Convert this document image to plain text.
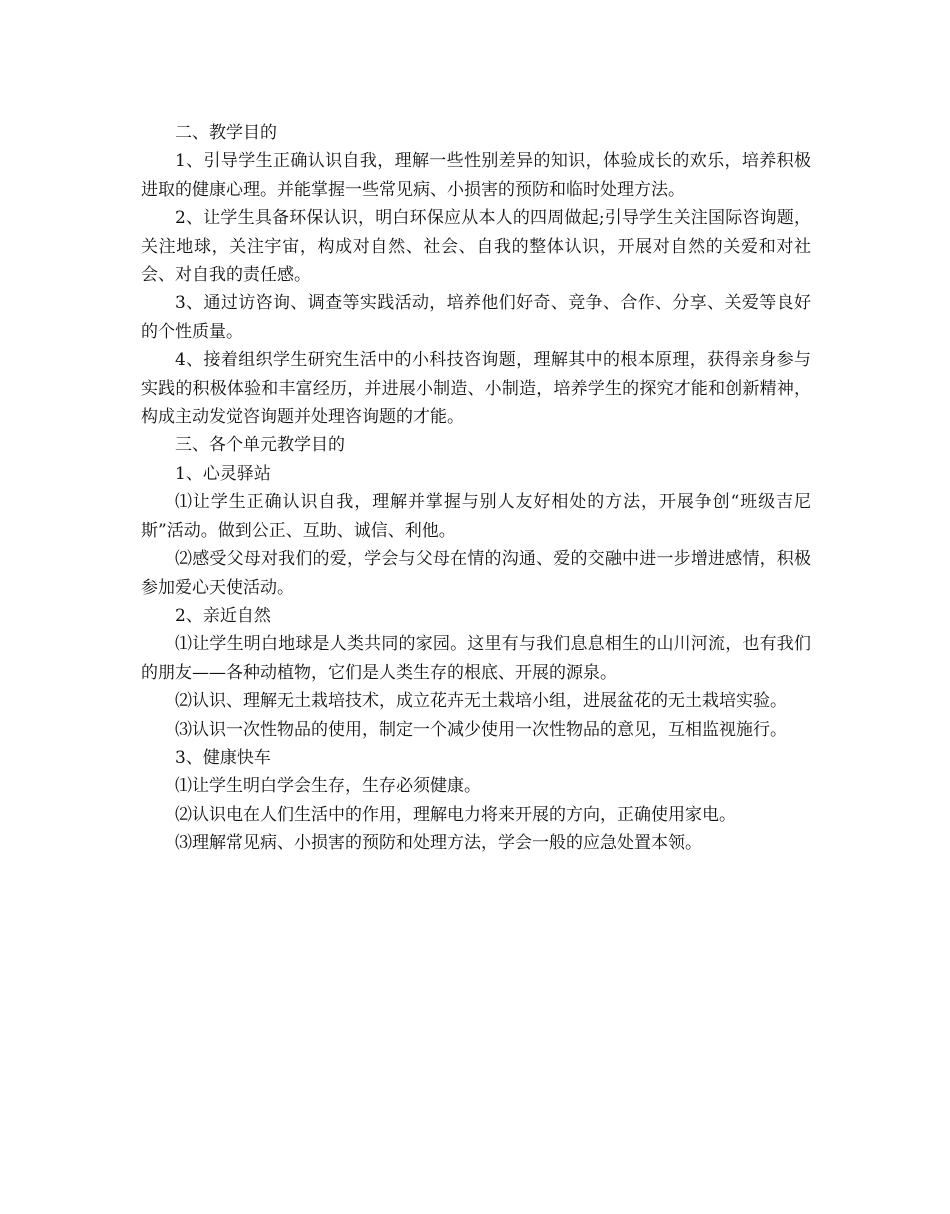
二、教学目的

1、引导学生正确认识自我，理解一些性别差异的知识，体验成长的欢乐，培养积极进取的健康心理。并能掌握一些常见病、小损害的预防和临时处理方法。

2、让学生具备环保认识，明白环保应从本人的四周做起;引导学生关注国际咨询题，关注地球，关注宇宙，构成对自然、社会、自我的整体认识，开展对自然的关爱和对社会、对自我的责任感。

3、通过访咨询、调查等实践活动，培养他们好奇、竞争、合作、分享、关爱等良好的个性质量。

4、接着组织学生研究生活中的小科技咨询题，理解其中的根本原理，获得亲身参与实践的积极体验和丰富经历，并进展小制造、小制造，培养学生的探究才能和创新精神，构成主动发觉咨询题并处理咨询题的才能。

三、各个单元教学目的

1、心灵驿站

⑴让学生正确认识自我，理解并掌握与别人友好相处的方法，开展争创“班级吉尼斯”活动。做到公正、互助、诚信、利他。

⑵感受父母对我们的爱，学会与父母在情的沟通、爱的交融中进一步增进感情，积极参加爱心天使活动。

2、亲近自然

⑴让学生明白地球是人类共同的家园。这里有与我们息息相生的山川河流，也有我们的朋友——各种动植物，它们是人类生存的根底、开展的源泉。

⑵认识、理解无土栽培技术，成立花卉无土栽培小组，进展盆花的无土栽培实验。

⑶认识一次性物品的使用，制定一个减少使用一次性物品的意见，互相监视施行。

3、健康快车

⑴让学生明白学会生存，生存必须健康。

⑵认识电在人们生活中的作用，理解电力将来开展的方向，正确使用家电。

⑶理解常见病、小损害的预防和处理方法，学会一般的应急处置本领。
